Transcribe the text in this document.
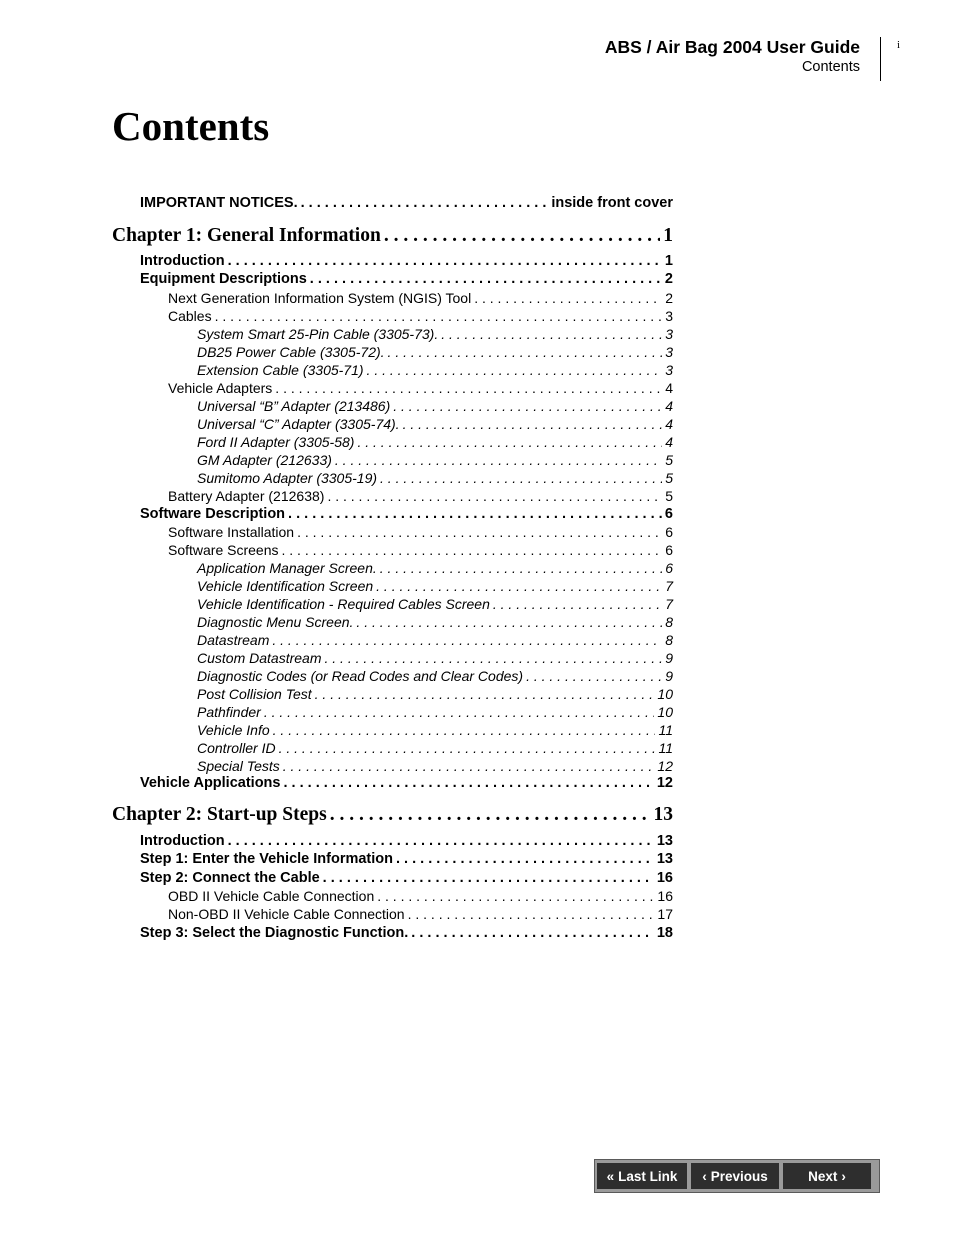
ABS / Air Bag 2004 User Guide
Contents
i
Contents
IMPORTANT NOTICES. . . .	inside front cover
Chapter 1: General Information . . .	1
Introduction . . .	1
Equipment Descriptions . . .	2
Next Generation Information System (NGIS) Tool . . .	2
Cables . . .	3
System Smart 25-Pin Cable (3305-73). . . .	3
DB25 Power Cable (3305-72). . . .	3
Extension Cable (3305-71) . . .	3
Vehicle Adapters . . .	4
Universal “B” Adapter (213486) . . .	4
Universal “C” Adapter (3305-74). . . .	4
Ford II Adapter (3305-58) . . .	4
GM Adapter (212633) . . .	5
Sumitomo Adapter (3305-19) . . .	5
Battery Adapter (212638) . . .	5
Software Description . . .	6
Software Installation . . .	6
Software Screens . . .	6
Application Manager Screen. . . .	6
Vehicle Identification Screen . . .	7
Vehicle Identification - Required Cables Screen . . .	7
Diagnostic Menu Screen. . . .	8
Datastream . . .	8
Custom Datastream . . .	9
Diagnostic Codes (or Read Codes and Clear Codes) . . .	9
Post Collision Test . . .	10
Pathfinder . . .	10
Vehicle Info . . .	11
Controller ID . . .	11
Special Tests . . .	12
Vehicle Applications . . .	12
Chapter 2: Start-up Steps . . .	13
Introduction . . .	13
Step 1: Enter the Vehicle Information . . .	13
Step 2: Connect the Cable . . .	16
OBD II Vehicle Cable Connection . . .	16
Non-OBD II Vehicle Cable Connection . . .	17
Step 3: Select the Diagnostic Function. . . .	18
« Last Link ‹ Previous	Next ›
